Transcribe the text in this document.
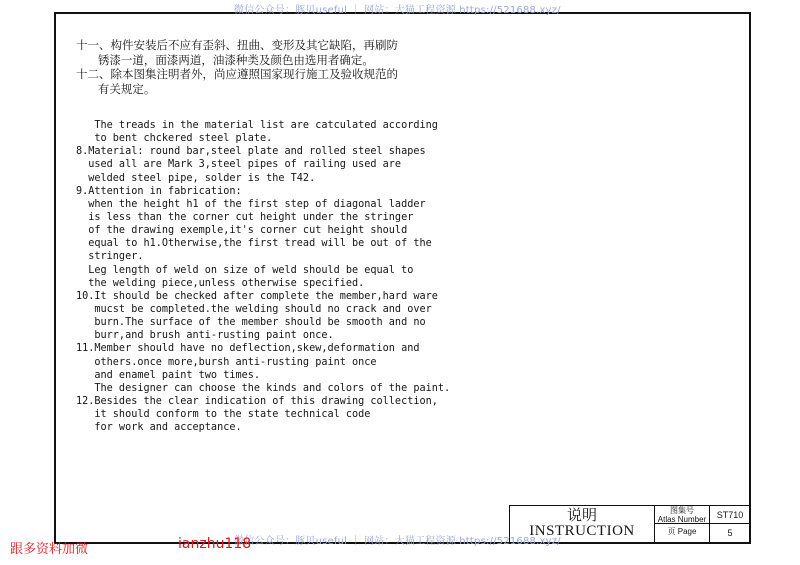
微信公众号：豚贝useful ｜ 网站：大猫工程资源 https://521688.xyz/
十一、构件安装后不应有歪斜、扭曲、变形及其它缺陷，再刷防
锈漆一道，面漆两道，油漆种类及颜色由选用者确定。
十二、除本图集注明者外，尚应遵照国家现行施工及验收规范的
有关规定。
The treads in the material list are catculated according
to bent chckered steel plate.
8.Material: round bar,steel plate and rolled steel shapes
used all are Mark 3,steel pipes of railing used are
welded steel pipe, solder is the T42.
9.Attention in fabrication:
when the height h1 of the first step of diagonal ladder
is less than the corner cut height under the stringer
of the drawing exemple,it's corner cut height should
equal to h1.Otherwise,the first tread will be out of the
stringer.
Leg length of weld on size of weld should be equal to
the welding piece,unless otherwise specified.
10.It should be checked after complete the member,hard ware
mucst be completed.the welding should no crack and over
burn.The surface of the member should be smooth and no
burr,and brush anti-rusting paint once.
11.Member should have no deflection,skew,deformation and
others.once more,bursh anti-rusting paint once
and enamel paint two times.
The designer can choose the kinds and colors of the paint.
12.Besides the clear indication of this drawing collection,
it should conform to the state technical code
for work and acceptance.
说明
INSTRUCTION
图集号
Atlas Number	ST710
页 Page	5
微信公众号：豚贝useful ｜ 网站：大猫工程资源 https://521688.xyz/
跟多资料加微	ianzhu118
